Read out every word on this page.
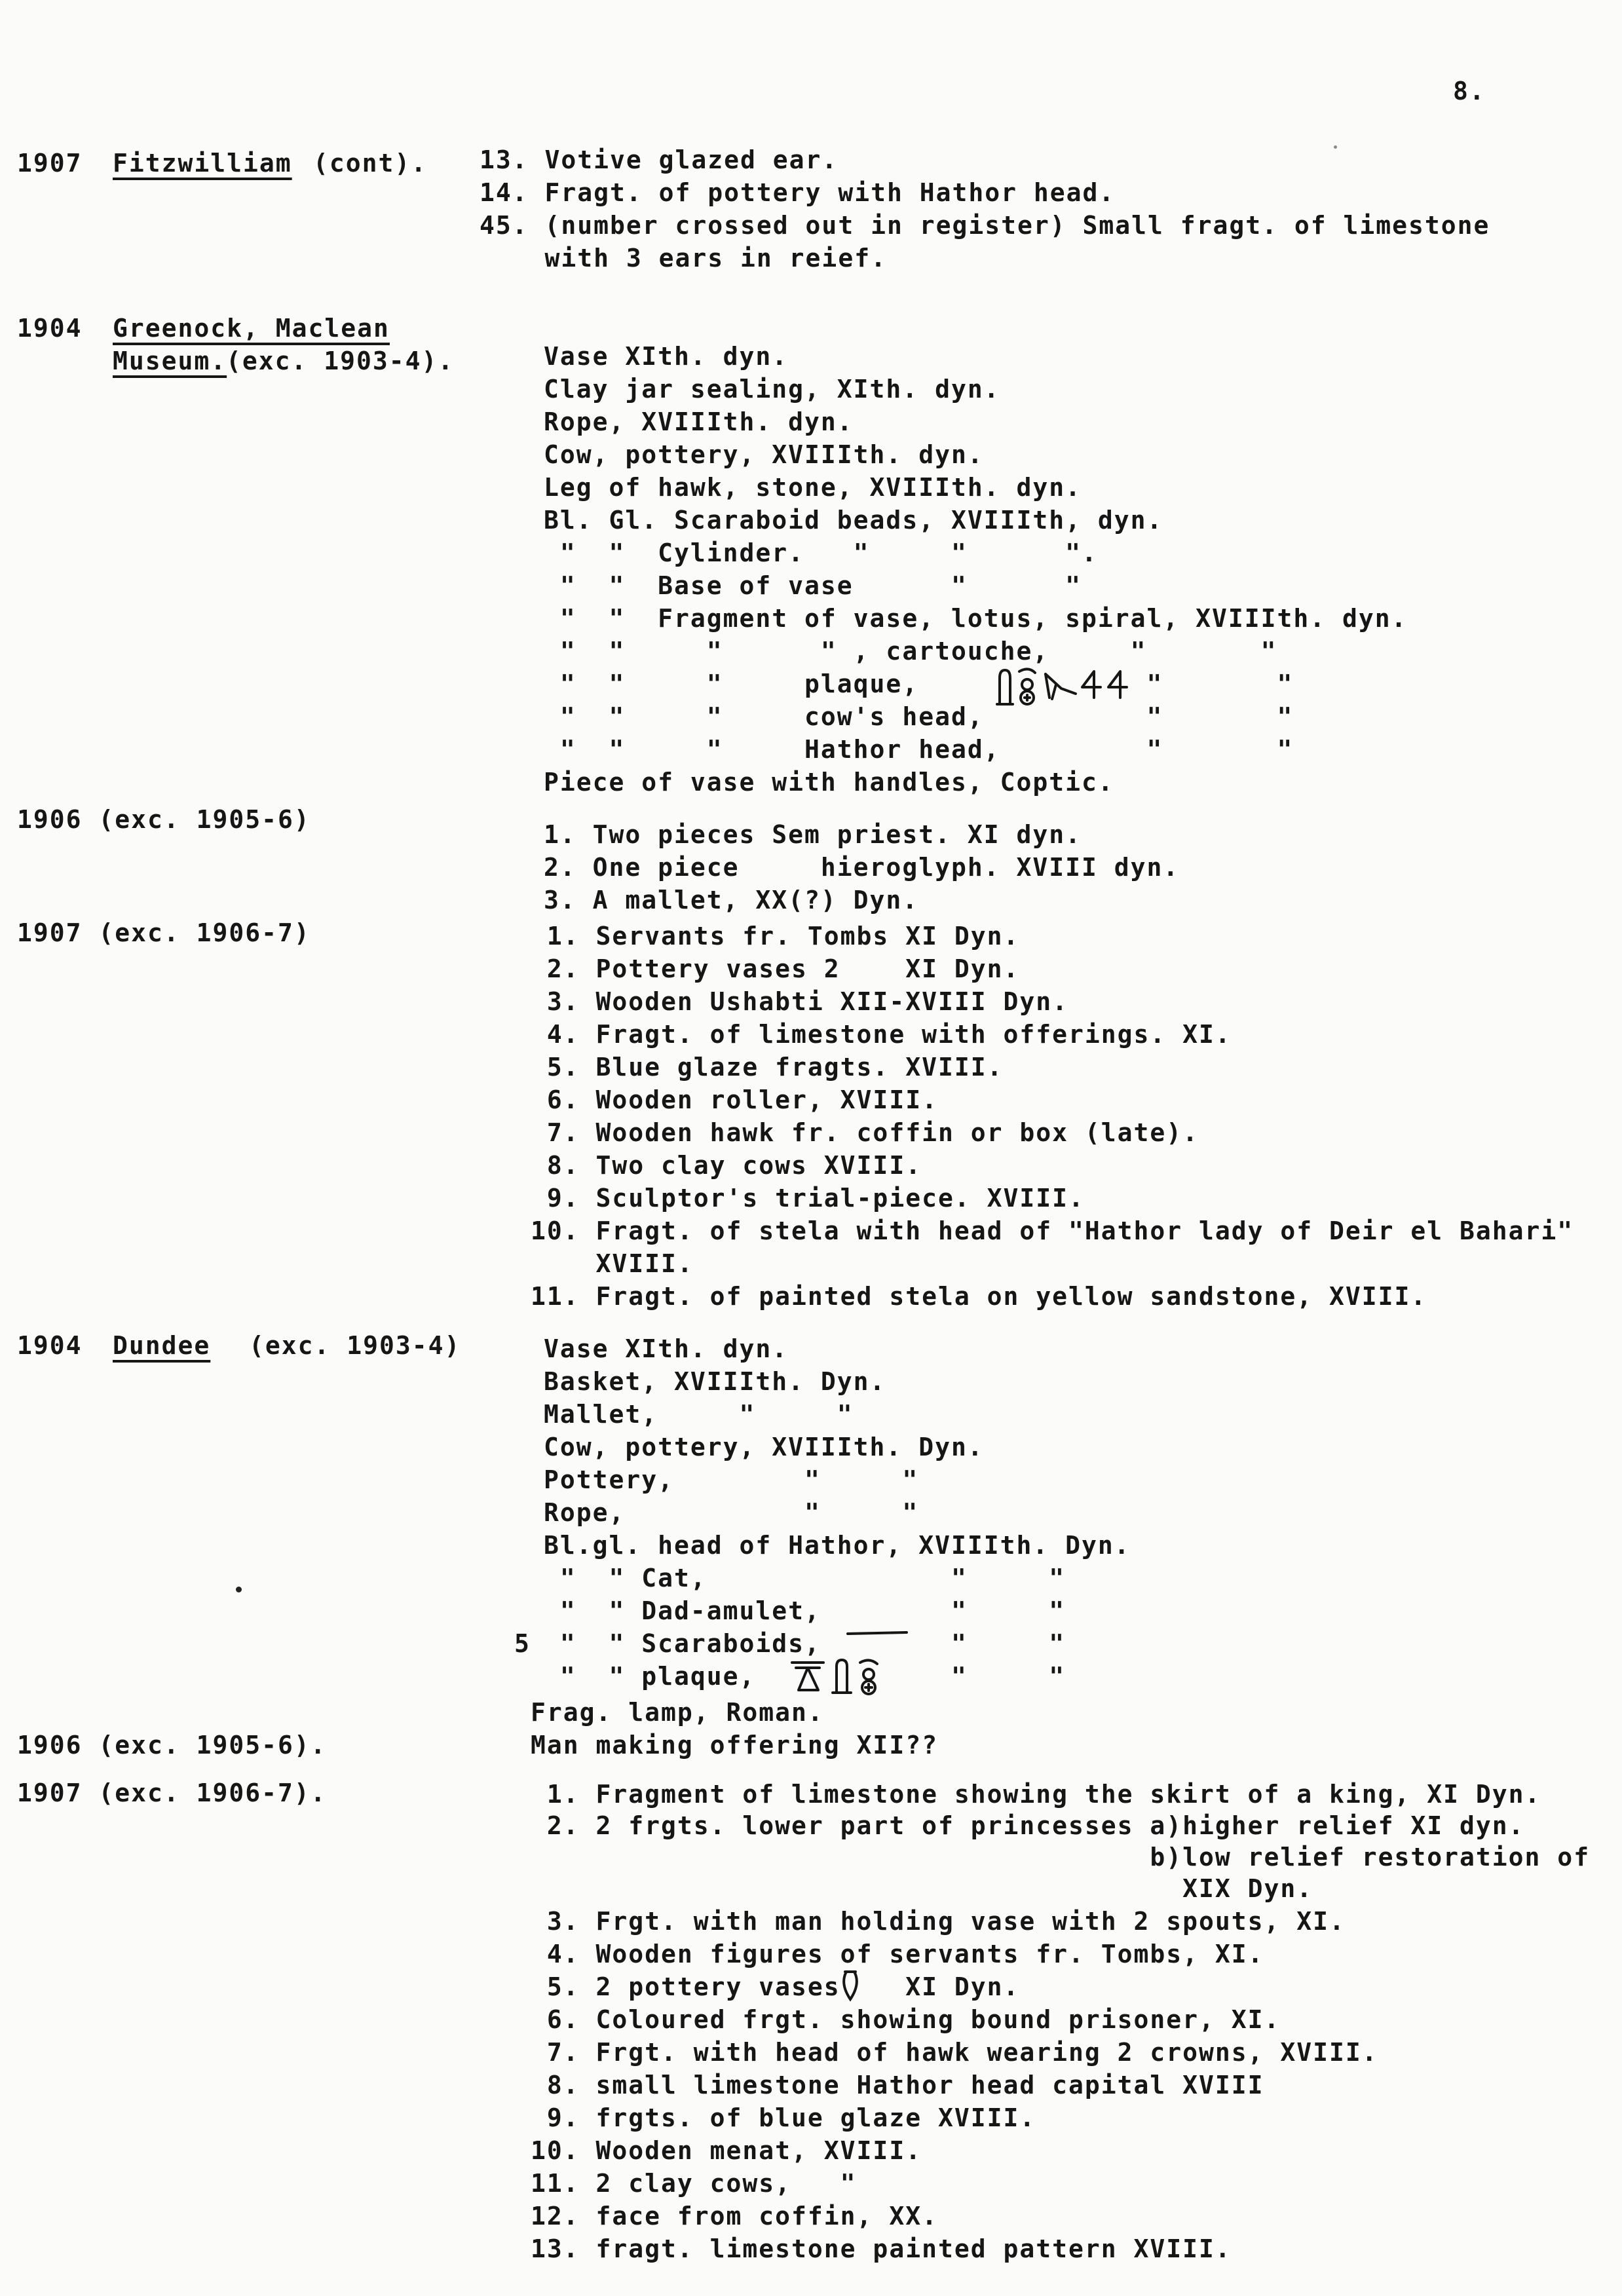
8.
1907 Fitzwilliam (cont). 13. Votive glazed ear.
14. Fragt. of pottery with Hathor head.
45. (number crossed out in register) Small fragt. of limestone
with 3 ears in reief.
1904 Greenock, Maclean
Museum.
(exc. 1903-4).	Vase XIth. dyn.
Clay jar sealing, XIth. dyn.
Rope, XVIIIth. dyn.
Cow, pottery, XVIIIth. dyn.
Leg of hawk, stone, XVIIIth. dyn.
Bl. Gl. Scaraboid beads, XVIIIth, dyn.
"  "  Cylinder.   "     "      ".
"  "  Base of vase      "      "
"  "  Fragment of vase, lotus, spiral, XVIIIth. dyn.
"  "     "      " , cartouche,     "       "
"  "     "     plaque,              "       "
"  "     "     cow's head,          "       "
"  "     "     Hathor head,         "       "
Piece of vase with handles, Coptic.
1906 (exc. 1905-6)
1. Two pieces Sem priest. XI dyn.
2. One piece     hieroglyph. XVIII dyn.
3. A mallet, XX(?) Dyn.
1907 (exc. 1906-7)	1. Servants fr. Tombs XI Dyn.
2. Pottery vases 2    XI Dyn.
3. Wooden Ushabti XII-XVIII Dyn.
4. Fragt. of limestone with offerings. XI.
5. Blue glaze fragts. XVIII.
6. Wooden roller, XVIII.
7. Wooden hawk fr. coffin or box (late).
8. Two clay cows XVIII.
9. Sculptor's trial-piece. XVIII.
10. Fragt. of stela with head of "Hathor lady of Deir el Bahari"
XVIII.
11. Fragt. of painted stela on yellow sandstone, XVIII.
1904 Dundee (exc. 1903-4)	Vase XIth. dyn.
Basket, XVIIIth. Dyn.
Mallet,     "     "
Cow, pottery, XVIIIth. Dyn.
Pottery,        "     "
Rope,           "     "
Bl.gl. head of Hathor, XVIIIth. Dyn.
"  " Cat,               "     "
"  " Dad-amulet,        "     "
5 "  " Scaraboids,        "     "
"  " plaque,            "     "
Frag. lamp, Roman.
1906 (exc. 1905-6).	Man making offering XII??
1907 (exc. 1906-7).	1. Fragment of limestone showing the skirt of a king, XI Dyn.
2. 2 frgts. lower part of princesses a)higher relief XI dyn.
b)low relief restoration of
XIX Dyn.
3. Frgt. with man holding vase with 2 spouts, XI.
4. Wooden figures of servants fr. Tombs, XI.
5. 2 pottery vases    XI Dyn.
6. Coloured frgt. showing bound prisoner, XI.
7. Frgt. with head of hawk wearing 2 crowns, XVIII.
8. small limestone Hathor head capital XVIII
9. frgts. of blue glaze XVIII.
10. Wooden menat, XVIII.
11. 2 clay cows,   "
12. face from coffin, XX.
13. fragt. limestone painted pattern XVIII.
